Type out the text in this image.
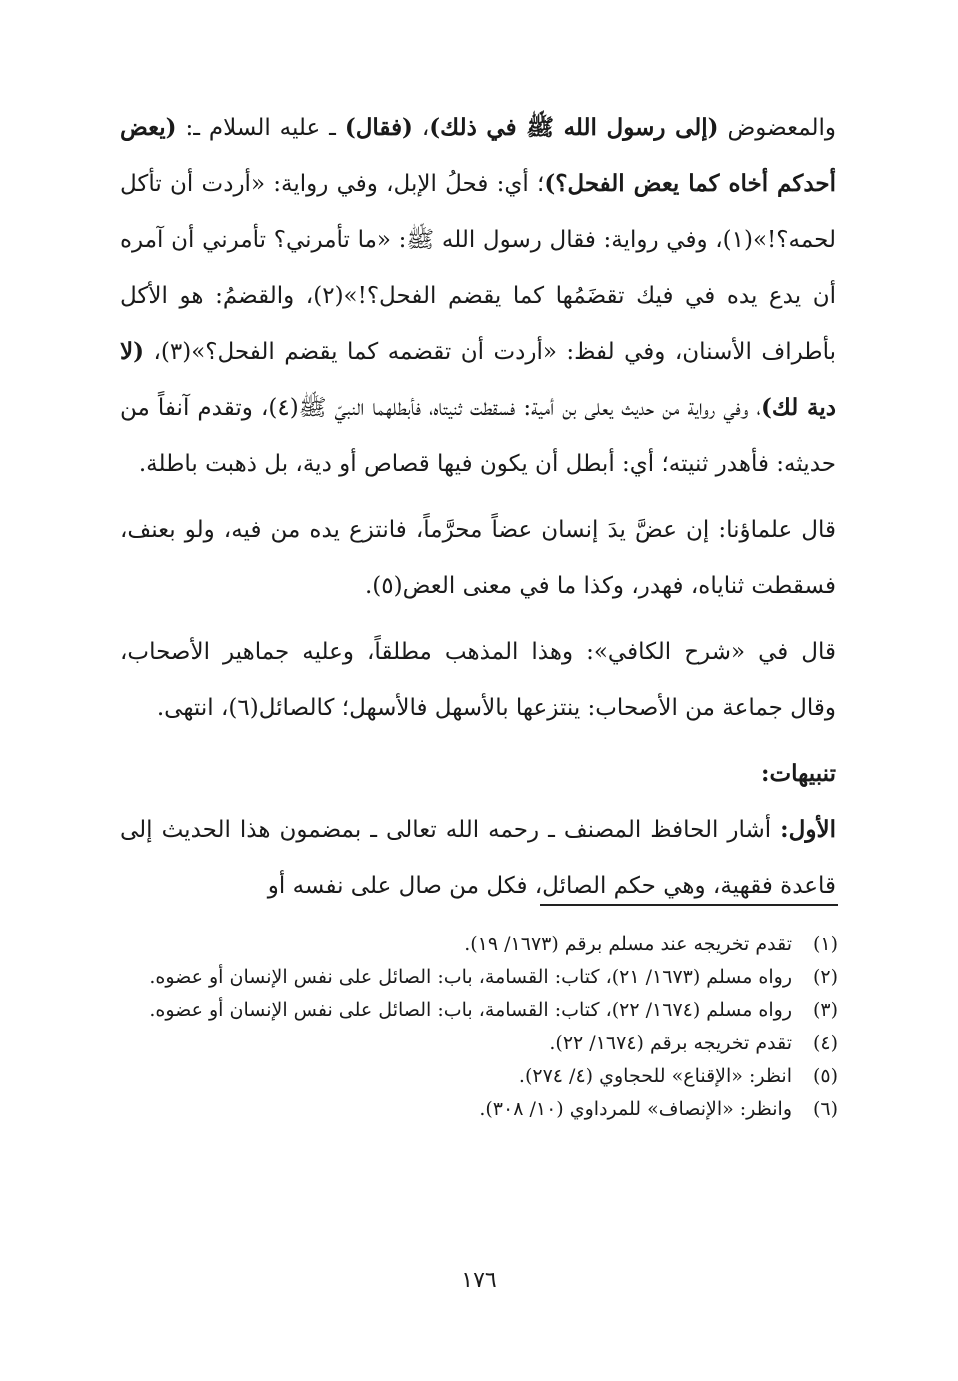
والمعضوض (إلى رسول الله ﷺ في ذلك)، (فقال) ـ عليه السلام ـ: (يعض أحدكم أخاه كما يعض الفحل؟)؛ أي: فحلُ الإبل، وفي رواية: «أردت أن تأكل لحمه؟!»(١)، وفي رواية: فقال رسول الله ﷺ: «ما تأمرني؟ تأمرني أن آمره أن يدع يده في فيك تقضَمُها كما يقضم الفحل؟!»(٢)، والقضمُ: هو الأكل بأطراف الأسنان، وفي لفظ: «أردت أن تقضمه كما يقضم الفحل؟»(٣)، (لا دية لك)، وفي رواية من حديث يعلى بن أمية: فسقطت ثنيتاه، فأبطلهما النبيّ ﷺ(٤)، وتقدم آنفاً من حديثه: فأهدر ثنيته؛ أي: أبطل أن يكون فيها قصاص أو دية، بل ذهبت باطلة.

قال علماؤنا: إن عضَّ يدَ إنسان عضاً محرَّماً، فانتزع يده من فيه، ولو بعنف، فسقطت ثناياه، فهدر، وكذا ما في معنى العض(٥).

قال في «شرح الكافي»: وهذا المذهب مطلقاً، وعليه جماهير الأصحاب، وقال جماعة من الأصحاب: ينتزعها بالأسهل فالأسهل؛ كالصائل(٦)، انتهى.

تنبيهات:

الأول: أشار الحافظ المصنف ـ رحمه الله تعالى ـ بمضمون هذا الحديث إلى قاعدة فقهية، وهي حكم الصائل، فكل من صال على نفسه أو

(١)
تقدم تخريجه عند مسلم برقم (١٦٧٣/ ١٩).
(٢)
رواه مسلم (١٦٧٣/ ٢١)، كتاب: القسامة، باب: الصائل على نفس الإنسان أو عضوه.
(٣)
رواه مسلم (١٦٧٤/ ٢٢)، كتاب: القسامة، باب: الصائل على نفس الإنسان أو عضوه.
(٤)
تقدم تخريجه برقم (١٦٧٤/ ٢٢).
(٥)
انظر: «الإقناع» للحجاوي (٤/ ٢٧٤).
(٦)
وانظر: «الإنصاف» للمرداوي (١٠/ ٣٠٨).
١٧٦
